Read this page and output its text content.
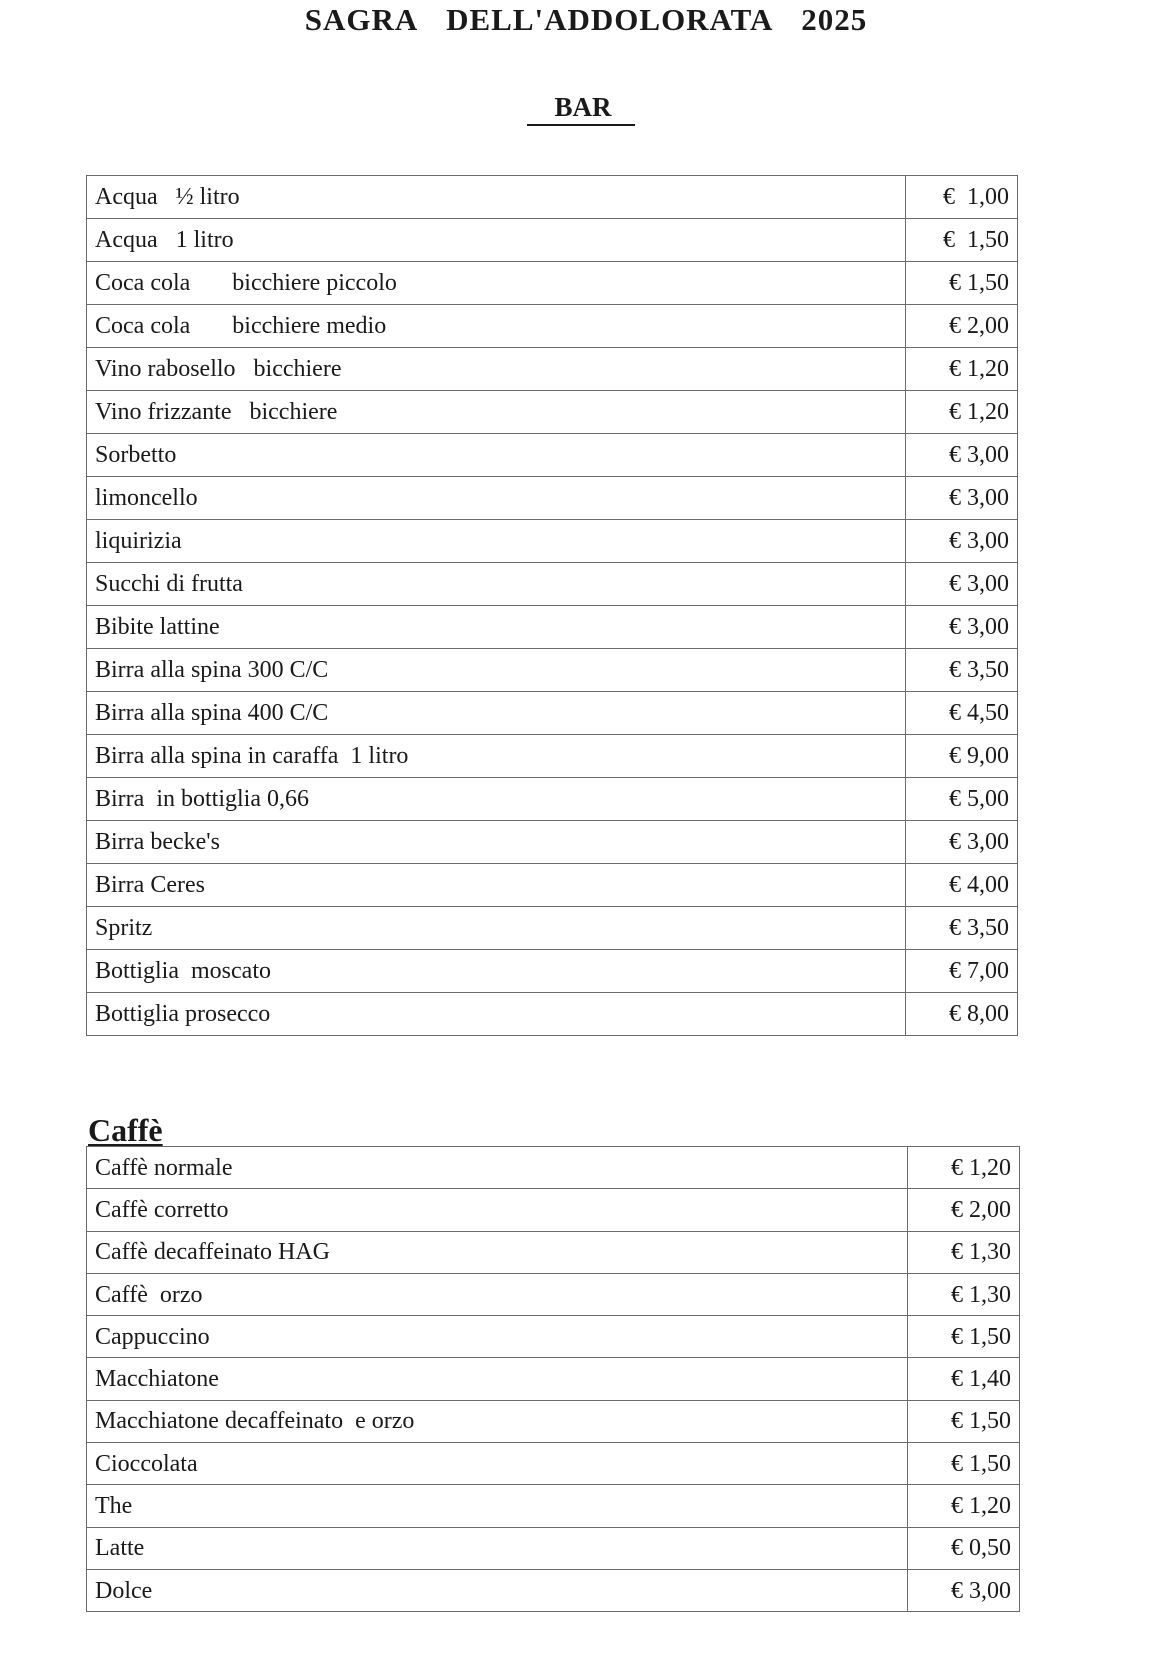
SAGRA  DELL'ADDOLORATA  2025
BAR
Acqua   ½ litro	€  1,00
Acqua   1 litro	€  1,50
Coca cola       bicchiere piccolo	€ 1,50
Coca cola       bicchiere medio	€ 2,00
Vino rabosello   bicchiere	€ 1,20
Vino frizzante   bicchiere	€ 1,20
Sorbetto	€ 3,00
limoncello	€ 3,00
liquirizia	€ 3,00
Succhi di frutta	€ 3,00
Bibite lattine	€ 3,00
Birra alla spina 300 C/C	€ 3,50
Birra alla spina 400 C/C	€ 4,50
Birra alla spina in caraffa  1 litro	€ 9,00
Birra  in bottiglia 0,66	€ 5,00
Birra becke's	€ 3,00
Birra Ceres	€ 4,00
Spritz	€ 3,50
Bottiglia  moscato	€ 7,00
Bottiglia prosecco	€ 8,00
Caffè
Caffè normale	€ 1,20
Caffè corretto	€ 2,00
Caffè decaffeinato HAG	€ 1,30
Caffè  orzo	€ 1,30
Cappuccino	€ 1,50
Macchiatone	€ 1,40
Macchiatone decaffeinato  e orzo	€ 1,50
Cioccolata	€ 1,50
The	€ 1,20
Latte	€ 0,50
Dolce	€ 3,00
